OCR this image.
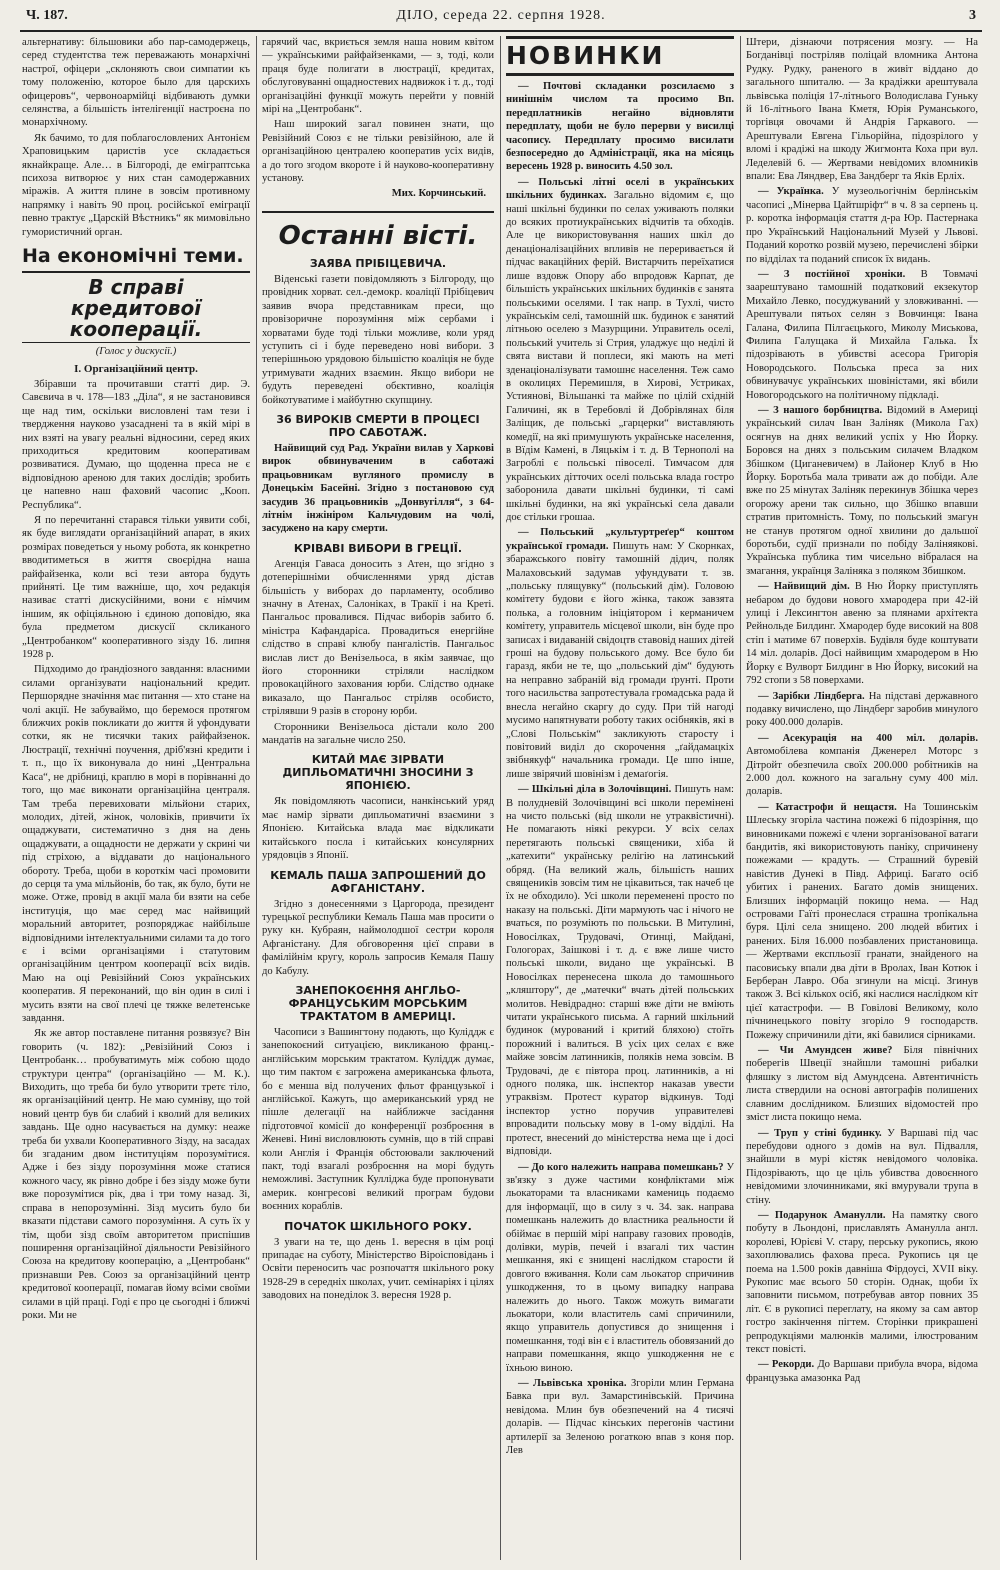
Ч. 187.	ДІЛО, середа 22. серпня 1928.	3

альтернативу: більшовики або пар-самодержець, серед студентства теж переважають монархічні настрої, офіцери „склоняють свои симпатии къ тому положенію, которое было для царскихъ офицеровъ“, червоноармійці відбивають думки селянства, а більшість інтелігенції настроєна по монархічному.

Як бачимо, то для поблагословлених Антонієм Храповицьким царистів усе складається якнайкраще. Але… в Білгороді, де еміграптська психоза витворює у них стан самодержавних міражів. А життя плине в зовсім противному напрямку і навіть 90 проц. російської еміграції певно трактує „Царскій Вѣстникъ“ як мимовільно гумористичний орган.

На економічні теми.
В справі кредитової кооперації.
(Голос у дискусії.)
I. Організаційний центр.

Збіравши та прочитавши статті дир. Э. Савєвича в ч. 178—183 „Діла“, я не застановився ще над тим, оскільки висловлені там тези і твердження науково узасаднені та в якій мірі в них взяті на увагу реальні відносини, серед яких приходиться кредитовим кооперативам розвиватися. Думаю, що щоденна преса не є відповідною ареною для таких дослідів; зробить це напевно наш фаховий часопис „Кооп. Республика“.

Я по перечитанні старався тільки уявити собі, як буде виглядати організаційний апарат, в яких розмірах поведеться у ньому робота, як конкретно вводитиметься в життя своєрідна наша райфайзенка, коли всі тези автора будуть прийняті. Це тим важніше, що, хоч редакція називає статті дискусійними, вони є німчим іншим, як офіціяльною і єдиною доповідю, яка була предметом дискусії скликаного „Центробанком“ кооперативного зізду 16. липня 1928 р.

Підходимо до ґрандіозного завдання: власними силами організувати національний кредит. Першорядне значіння має питання — хто стане на чолі акції. Не забуваймо, що беремося протягом ближчих років покликати до життя й уфондувати сотки, як не тисячки таких райфайзенок. Люстрації, технічні поучення, дріб'язні кредити і т. п., що їх виконувала до нині „Центральна Каса“, не дрібниці, краплю в морі в порівнанні до того, що має виконати організаційна централя. Там треба перевиховати мільйони старих, молодих, дітей, жінок, чоловіків, привчити їх ощаджувати, систематично з дня на день ощаджувати, а ощадности не держати у скрині чи під стріхою, а віддавати до національного обороту. Треба, щоби в короткім часі промовити до серця та ума мільйонів, бо так, як було, бути не може. Отже, провід в акції мала би взяти на себе інституція, що має серед мас найвищий моральний авторитет, розпоряджає найбільше відповідними інтелектуальними силами та до того є і всіми організаціями і статутовим організаційним центром кооперації всіх видів. Маю на оці Ревізійний Союз українських кооператив. Я переконаний, що він один в силі і мусить взяти на свої плечі це тяжке велетенське завдання.

Як же автор поставлене питання розвязує? Він говорить (ч. 182): „Ревізійний Союз і Центробанк… пробуватимуть між собою щодо структури центра“ (організаційно — М. К.). Виходить, що треба би було утворити третє тіло, як організаційний центр. Не маю сумніву, що той новий центр був би слабий і кволий для великих завдань. Ще одно насувається на думку: неаже треба би ухвали Кооперативного Зізду, на засадах би згаданим двом інституціям порозумітися. Адже і без зізду порозуміння може статися кожного часу, як рівно добре і без зізду може бути вже порозумітися рік, два і три тому назад. Зі, справа в непорозумінні. Зізд мусить було би вказати підстави самого порозуміння. А суть їх у тім, щоби зізд своїм авторитетом приспішив поширення організаційної діяльности Ревізійного Союза на кредитову кооперацію, а „Центробанк“ признавши Рев. Союз за організаційний центр кредитової кооперації, помагав йому всіми своїми силами в цій праці. Годі є про це сьогодні і ближчі роки. Ми не

гарячий час, вкриється земля наша новим квітом — українськими райфайзенками, — з, тоді, коли праця буде полигати в люстрації, кредитах, обслуговуванні ощадностевих надвижок і т. д., тоді організаційні функції можуть перейти у повній мірі на „Центробанк“.

Наш широкий загал повинен знати, що Ревізійний Союз є не тільки ревізійною, але й організаційною централею кооператив усіх видів, а до того згодом вкороте і й науково-кооперативну установу.

Мих. Корчинський.

Останні вісті.
ЗАЯВА ПРІБІЦЕВИЧА.

Віденські газети повідомляють з Білгороду, що провідник хорват. сел.-демокр. коаліції Прібіцевич заявив вчора представникам преси, що провізоричне порозуміння між сербами і хорватами буде тоді тільки можливе, коли уряд уступить сі і буде переведено нові вибори. З теперішньою урядовою більшістю коаліція не буде утримувати жадних взаємин. Якщо вибори не будуть переведені обєктивно, коаліція бойкотуватиме і майбутню скупщину.

36 ВИРОКІВ СМЕРТИ В ПРОЦЕСІ ПРО САБОТАЖ.

Найвищий суд Рад. України вилав у Харкові вирок обвинуваченим в саботажі працьовникам вугляного промислу в Донецькім Басейні. Згідно з постановою суд засудив 36 працьовників „Донвугілля“, з 64-літнім інжініром Кальчудовим на чолі, засуджено на кару смерти.

КРІВАВІ ВИБОРИ В ГРЕЦІЇ.

Агенція Гаваса доносить з Атен, що згідно з дотеперішніми обчисленнями уряд дістав більшість у виборах до парламенту, особливо значну в Атенах, Салоніках, в Тракії і на Креті. Пангальос провалився. Підчас виборів забито б. міністра Кафандаріса. Провадиться енергійне слідство в справі клюбу пангалістів. Пангальос вислав лист до Венізельоса, в якім заявчає, що його сторонники стріляли наслідком провокаційного захования юрби. Слідство однаке виказало, що Пангальос стріляв особисто, стрілявши 9 разів в сторону юрби.

Сторонники Венізельоса дістали коло 200 мандатів на загальне число 250.

КИТАЙ МАЄ ЗІРВАТИ ДИПЛЬОМАТИЧНІ ЗНОСИНИ З ЯПОНІЄЮ.

Як повідомляють часописи, нанкінський уряд має намір зірвати дипльоматичні взаємини з Японією. Китайська влада має відкликати китайського посла і китайських консулярних урядовців з Японії.

КЕМАЛЬ ПАША ЗАПРОШЕНИЙ ДО АФГАНІСТАНУ.

Згідно з донесеннями з Царгорода, президент турецької республики Кемаль Паша мав просити о руку кн. Кубраян, наймолодшої сестри короля Афганістану. Для обговорення цієї справи в фамілійнім кругу, король запросив Кемаля Пашу до Кабулу.

ЗАНЕПОКОЄННЯ АНГЛЬО-ФРАНЦУСЬКИМ МОРСЬКИМ ТРАКТАТОМ В АМЕРИЦІ.

Часописи з Вашингтону подають, що Куліддж є занепокоєний ситуацією, викликаною франц.-англійським морським трактатом. Куліддж думає, що тим пактом є загрожена американська фльота, бо є менша від получених фльот французької і англійської. Кажуть, що американський уряд не пішле делегації на найближче засідання підготовчої комісії до конференції розброєння в Женеві. Нині висловлюють сумнів, що в тій справі коли Англія і Франція обстоювали заключений пакт, тоді взагалі розброєння на морі будуть неможливі. Заступник Кулліджа буде пропонувати америк. конгресові великий програм будови воєнних кораблів.

ПОЧАТОК ШКІЛЬНОГО РОКУ.

З уваги на те, що день 1. вересня в цім році припадає на суботу, Міністерство Віроісповідань і Освіти переносить час розпочаття шкільного року 1928-29 в середніх школах, учит. семінаріях і цілях заводових на понеділок 3. вересня 1928 р.

НОВИНКИ

— Почтові складанки розсилаємо з нинішнім числом та просимо Вп. передплатників негайно відновляти передплату, щоби не було перерви у висилці часопису. Передплату просимо висилати безпосередно до Адміністрації, яка на місяць вересень 1928 р. виносить 4.50 зол.

— Польські літні оселі в українських шкільних будинках. Загально відомим є, що наші шкільні будинки по селах уживають поляки до всяких протиукраїнських відчитів та обходів. Але це використовування наших шкіл до денаціоналізаційних впливів не переривається й підчас вакаційних ферій. Вистарчить переїхатися лише вздовж Опору або впродовж Карпат, де більшість українських шкільних будинків є занята польськими оселями. І так напр. в Тухлі, чисто українськім селі, тамошній шк. будинок є занятий літньою оселею з Мазурщини. Управитель оселі, польський учитель зі Стрия, уладжує що неділі й свята вистави й поплеси, які мають на меті зденаціоналізувати тамошнє населення. Теж само в околицях Перемишля, в Хирові, Устриках, Устиянові, Вільшанкі та майже по цілій східній Галичині, як в Теребовлі й Добрівлянах біля Заліщик, де польські „гарцерки“ виставляють комедії, на які примушують українське населення, в Вїдім Камені, в Ляцькім і т. д. В Тернополі на Загроблі є польські півоселі. Тимчасом для українських дітточих оселі польська влада гостро заборонила давати шкільні будинки, ті самі шкільні будинки, на які українські села давали доє стільки грошаа.

— Польський „культуртреґер“ коштом української громади. Пишуть нам: У Скорнках, збаражського повіту тамошній дідич, поляк Малаховський задумав уфундувати т. зв. „польську плящувку“ (польський дім). Головою комітету будови є його жінка, також завзята полька, а головним ініціятором і керманичем комітету, управитель місцевої школи, він буде про записах і видаваній свідоцтв ставовід наших дітей гроші на будову польського дому. Все було би гаразд, якби не те, що „польський дім“ будують на неправно забраній від громади ґрунті. Проти того насильства запротестувала громадська рада й внесла негайно скаргу до суду. При тій нагоді мусимо напятнувати роботу таких осібняків, які в „Слові Польськім“ закликують старосту і повітовий виділ до скорочення „ґайдамацкіх звібнякуф“ начальника громади. Це шпо інше, лише звірячий шовінізм і демаґогія.

— Шкільні діла в Золочівщині. Пишуть нам: В полудневій Золочівщині всі школи перемінені на чисто польські (від школи не утраквістичні). Не помагають ніякі рекурси. У всіх селах перетягають польські священики, хіба й „катехити“ українську релігію на латинський обряд. (На великий жаль, більшість наших священиків зовсім тим не цікавиться, так начеб це їх не обходило). Усі школи переменені просто по наказу на польські. Діти мармують час і нічого не вчаться, по розуміють по польськи. В Митулині, Новосілках, Трудовачі, Отинці, Майдані, Гологорах, Заішкові і т. д. є вже лише чисто польські школи, видано ще українські. В Новосілках перенесена школа до тамошнього „кляштору“, де „матечки“ вчать дітей польських молитов. Невідрадно: старші вже діти не вміють читати українського письма. А гарний шкільний будинок (мурований і критий бляхою) стоїть порожний і валиться. В усіх цих селах є вже майже зовсім латинників, поляків нема зовсім. В Трудовачі, де є півтора проц. латинників, а ні одного поляка, шк. інспектор наказав увести утраквізм. Протест куратор відкинув. Тоді інспектор устно поручив управителеві впровадити польську мову в 1-ому відділі. На протест, внесений до міністерства нема ще і досі відповіди.

— До кого належить направа помешкань? У зв'язку з дуже частими конфліктами між льокаторами та власниками камениць подаємо для інформації, що в силу з ч. 34. зак. направа помешкань належить до властника реальности й обіймає в першій мірі направу газових проводів, долівки, мурів, печей і взагалі тих частин мешкання, які є знищені наслідком старости й довгого вживання. Коли сам льокатор спричинив ушкодження, то в цьому випадку направа належить до нього. Також можуть вимагати льокатори, коли властитель самі спричинили, якщо управитель допустився до знищення і помешкання, тоді він є і властитель обовязаний до направи помешкання, якщо ушкодження не є їхньою виною.

— Львівська хроніка. Згоріли млин Германа Бавка при вул. Замарстинівській. Причина невідома. Млин був обезпечений на 4 тисячі доларів. — Підчас кінських перегонів частини артилерії за Зеленою рогаткою впав з коня пор. Лев

Штери, дізнаючи потрясения мозгу. — На Богданівці постріляв поліцай вломника Антона Рудку. Рудку, раненого в живіт віддано до загального шпиталю. — За крадіжки арештувала львівська поліція 17-літнього Володислава Гуньку й 16-літнього Івана Кметя, Юрія Руманського, торгівця овочами й Андрія Гаркавого. — Арештували Евгена Гільорійна, підозрілого у вломі і крадіжі на шкоду Жигмонта Коха при вул. Леделевій 6. — Жертвами невідомих вломників впали: Ева Ляндвер, Ева Зандберг та Якiв Ерліх.

— Українка. У музеольогічнім берлінськім часописі „Мінерва Цайтшріфт“ в ч. 8 за серпень ц. р. коротка інформація стаття д-ра Юр. Пастернака про Український Національний Музей у Львові. Поданий коротко розвій музею, перечислені збірки по відділах та поданий список їх видань.

— З постійної хроніки. В Товмачі заарештувано тамошній податковий екзекутор Михайло Левко, посуджуваний у зловживанні. — Арештували пятьох селян з Вовчинця: Івана Галана, Филипа Пілгаєцького, Миколу Миськова, Филипа Галущака й Михайла Галька. Їх підозрівають в убивстві асесора Григорія Новородського. Польська преса за них обвинувачує українських шовіністами, які вбили Новогородського на політичному підкладі.

— З нашого борбництва. Відомий в Америці український силач Іван Заліняк (Микола Гах) осягнув на днях великий успіх у Ню Йорку. Боровся на днях з польським силачем Владком Збішком (Циганевичем) в Лайонер Клуб в Ню Йорку. Боротьба мала тривати аж до побіди. Але вже по 25 мінутах Заліняк перекинув Збішка через огорожу арени так сильно, що Збішко впавши стратив притомність. Тому, по польський змагун не станув протягом одної хвилини до дальшої боротьби, судії признали по побіду Заліняякові. Українська публика тим чисельно вібралася на змагання, українця Заліняка з поляком Збишком.

— Найвищий дім. В Ню Йорку приступлять небаром до будови нового хмародера при 42-ій улиці і Лексингтон авеню за плянами архітекта Рейнольде Билдинг. Хмародер буде високий на 808 стіп і матиме 67 поверхів. Будівля буде коштувати 14 міл. доларів. Досі найвищим хмародером в Ню Йорку є Вулворт Билдинг в Ню Йорку, високий на 792 стопи з 58 поверхами.

— Зарібки Ліндберга. На підставі державного подавку вичислено, що Ліндберг заробив минулого року 400.000 доларів.

— Асекурація на 400 міл. доларів. Автомобілева компанія Дженерел Моторс з Дітройт обезпечила своїх 200.000 робітників на 2.000 дол. кожного на загальну суму 400 міл. доларів.

— Катастрофи й нещастя. На Тошинськім Шлеську згоріла частина пожежі 6 підозріння, що виновниками пожежі є члени зорганізованої ватаги бандитів, які використовують паніку, спричинену пожежами — крадуть. — Страшний буревій навістив Дунекі в Півд. Африці. Багато осіб убитих і ранених. Багато домів знищених. Близших інформацій покищо нема. — Над островами Гаїті пронеслася страшна тропікальна буря. Цілі села знищено. 200 людей вбитих і ранених. Біля 16.000 позбавлених пристановища. — Жертвами експльозії гранати, знайденого на пасовиську впали два діти в Вролах, Іван Котюк і Берберан Лавро. Оба згинули на місці. Згинув також З. Всі кількох осіб, які наслися наслідком кіт цієї катастрофи. — В Говілові Великому, коло пічнинецького повіту згоріло 9 господарств. Пожежу спричинили діти, які бавилися сірниками.

— Чи Амундсен живе? Біля північних поберегів Швеції знайшли тамошні рибалки фляшку з листом від Амундсена. Автентичність листа ствердили на основі автографів полишених славним дослідником. Близших відомостей про зміст листа покищо нема.

— Труп у стіні будинку. У Варшаві під час перебудови одного з домів на вул. Підвалля, знайшли в мурі кістяк невідомого чоловіка. Підозрівають, що це ціль убивства довоєнного невідомими злочинниками, які вмурували трупа в стіну.

— Подарунок Аманулли. На памятку свого побуту в Льондоні, приславлять Аманулла англ. королеві, Юрієві V. стару, перську рукопись, якою захоплювались фахова преса. Рукопись ця це поема на 1.500 років давніша Фірдоусі, XVII віку. Рукопис має всього 50 сторін. Однак, щоби їх заповнити письмом, потребував автор повних 35 літ. Є в рукописі переглату, на якому за сам автор гостро закінчення пігтем. Сторінки прикрашені репродукціями малюнків малими, ілюстрованим текст повісті.

— Рекорди. До Варшави прибула вчора, відома французька амазонка Рад
